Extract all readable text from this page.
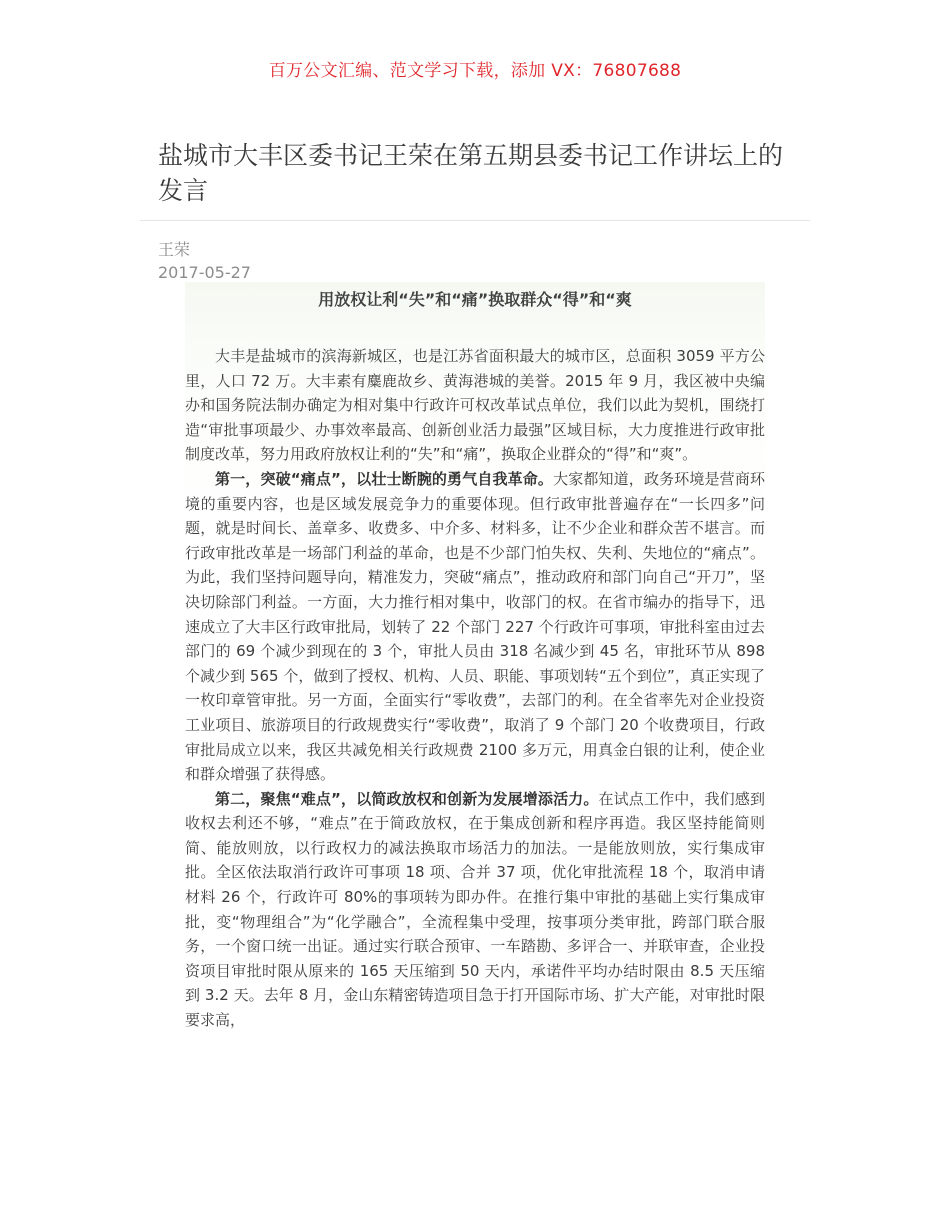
百万公文汇编、范文学习下载，添加 VX：76807688
盐城市大丰区委书记王荣在第五期县委书记工作讲坛上的发言
王荣
2017-05-27
用放权让利“失”和“痛”换取群众“得”和“爽

大丰是盐城市的滨海新城区，也是江苏省面积最大的城市区，总面积 3059 平方公里，人口 72 万。大丰素有麋鹿故乡、黄海港城的美誉。2015 年 9 月，我区被中央编办和国务院法制办确定为相对集中行政许可权改革试点单位，我们以此为契机，围绕打造“审批事项最少、办事效率最高、创新创业活力最强”区域目标，大力度推进行政审批制度改革，努力用政府放权让利的“失”和“痛”，换取企业群众的“得”和“爽”。

第一，突破“痛点”，以壮士断腕的勇气自我革命。大家都知道，政务环境是营商环境的重要内容，也是区域发展竞争力的重要体现。但行政审批普遍存在“一长四多”问题，就是时间长、盖章多、收费多、中介多、材料多，让不少企业和群众苦不堪言。而行政审批改革是一场部门利益的革命，也是不少部门怕失权、失利、失地位的“痛点”。为此，我们坚持问题导向，精准发力，突破“痛点”，推动政府和部门向自己“开刀”，坚决切除部门利益。一方面，大力推行相对集中，收部门的权。在省市编办的指导下，迅速成立了大丰区行政审批局，划转了 22 个部门 227 个行政许可事项，审批科室由过去部门的 69 个减少到现在的 3 个，审批人员由 318 名减少到 45 名，审批环节从 898 个减少到 565 个，做到了授权、机构、人员、职能、事项划转“五个到位”，真正实现了一枚印章管审批。另一方面，全面实行“零收费”，去部门的利。在全省率先对企业投资工业项目、旅游项目的行政规费实行“零收费”，取消了 9 个部门 20 个收费项目，行政审批局成立以来，我区共减免相关行政规费 2100 多万元，用真金白银的让利，使企业和群众增强了获得感。

第二，聚焦“难点”，以简政放权和创新为发展增添活力。在试点工作中，我们感到收权去利还不够，“难点”在于简政放权，在于集成创新和程序再造。我区坚持能简则简、能放则放，以行政权力的减法换取市场活力的加法。一是能放则放，实行集成审批。全区依法取消行政许可事项 18 项、合并 37 项，优化审批流程 18 个，取消申请材料 26 个，行政许可 80%的事项转为即办件。在推行集中审批的基础上实行集成审批，变“物理组合”为“化学融合”，全流程集中受理，按事项分类审批，跨部门联合服务，一个窗口统一出证。通过实行联合预审、一车踏勘、多评合一、并联审查，企业投资项目审批时限从原来的 165 天压缩到 50 天内，承诺件平均办结时限由 8.5 天压缩到 3.2 天。去年 8 月，金山东精密铸造项目急于打开国际市场、扩大产能，对审批时限要求高，
